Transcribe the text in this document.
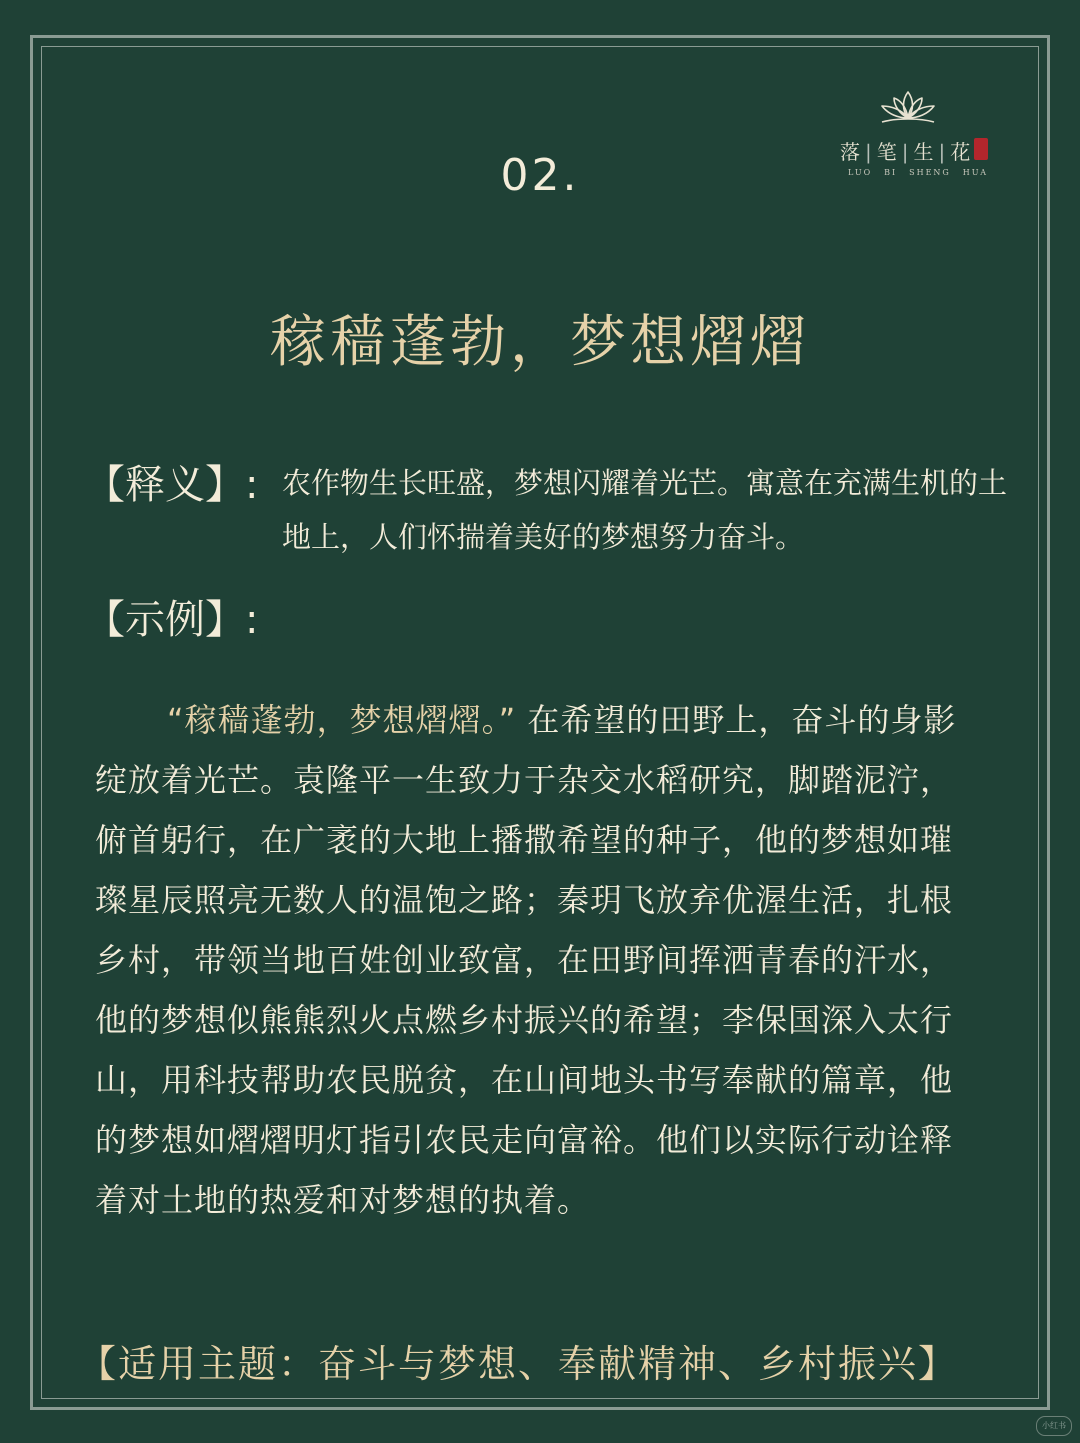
落 | 笔 | 生 | 花
LUO BI SHENG HUA
02.
稼穑蓬勃，梦想熠熠
【释义】: 农作物生长旺盛，梦想闪耀着光芒。寓意在充满生机的土地上，人们怀揣着美好的梦想努力奋斗。

【示例】:

“稼穑蓬勃，梦想熠熠。” 在希望的田野上，奋斗的身影绽放着光芒。袁隆平一生致力于杂交水稻研究，脚踏泥泞，俯首躬行，在广袤的大地上播撒希望的种子，他的梦想如璀璨星辰照亮无数人的温饱之路；秦玥飞放弃优渥生活，扎根乡村，带领当地百姓创业致富，在田野间挥洒青春的汗水，他的梦想似熊熊烈火点燃乡村振兴的希望；李保国深入太行山，用科技帮助农民脱贫，在山间地头书写奉献的篇章，他的梦想如熠熠明灯指引农民走向富裕。他们以实际行动诠释着对土地的热爱和对梦想的执着。

【适用主题：奋斗与梦想、奉献精神、乡村振兴】
小红书
